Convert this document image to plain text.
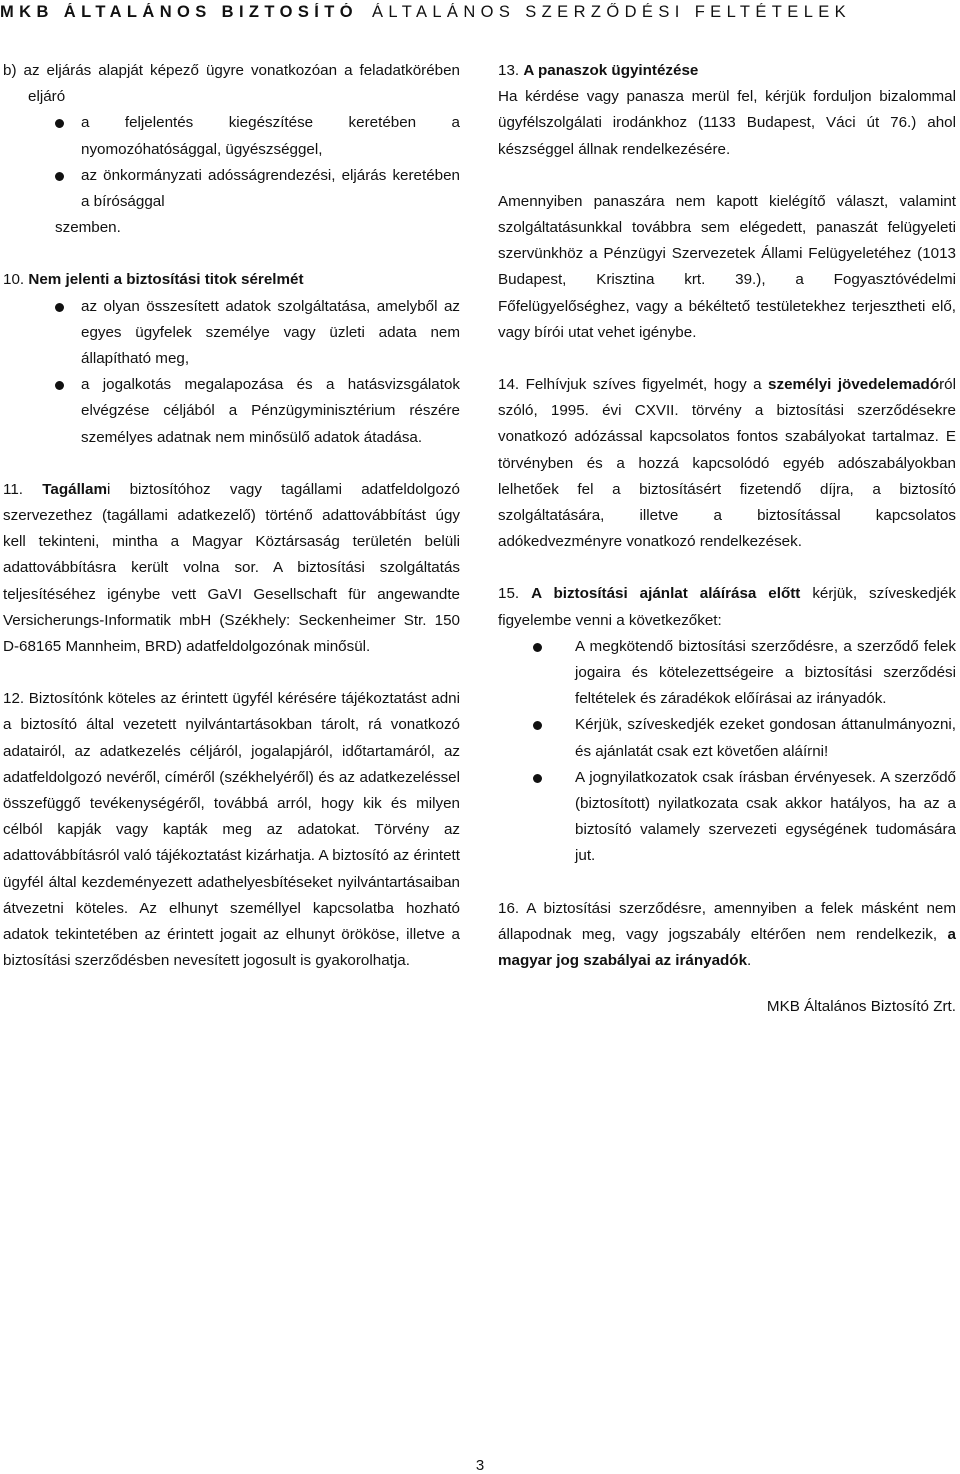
MKB ÁLTALÁNOS BIZTOSÍTÓ ÁLTALÁNOS SZERZŐDÉSI FELTÉTELEK

b) az eljárás alapját képező ügyre vonatkozóan a feladatkörében eljáró

a feljelentés kiegészítése keretében a nyomozóhatósággal, ügyészséggel,
az önkormányzati adósságrendezési, eljárás keretében a bírósággal

szemben.

10. Nem jelenti a biztosítási titok sérelmét

az olyan összesített adatok szolgáltatása, amelyből az egyes ügyfelek személye vagy üzleti adata nem állapítható meg,
a jogalkotás megalapozása és a hatásvizsgálatok elvégzése céljából a Pénzügyminisztérium részére személyes adatnak nem minősülő adatok átadása.

11. Tagállami biztosítóhoz vagy tagállami adatfeldolgozó szervezethez (tagállami adatkezelő) történő adattovábbítást úgy kell tekinteni, mintha a Magyar Köztársaság területén belüli adattovábbításra került volna sor. A biztosítási szolgáltatás teljesítéséhez igénybe vett GaVI Gesellschaft für angewandte Versicherungs-Informatik mbH (Székhely: Seckenheimer Str. 150 D-68165 Mannheim, BRD) adatfeldolgozónak minősül.

12. Biztosítónk köteles az érintett ügyfél kérésére tájékoztatást adni a biztosító által vezetett nyilvántartásokban tárolt, rá vonatkozó adatairól, az adatkezelés céljáról, jogalapjáról, időtartamáról, az adatfeldolgozó nevéről, címéről (székhelyéről) és az adatkezeléssel összefüggő tevékenységéről, továbbá arról, hogy kik és milyen célból kapják vagy kapták meg az adatokat. Törvény az adattovábbításról való tájékoztatást kizárhatja. A biztosító az érintett ügyfél által kezdeményezett adathelyesbítéseket nyilvántartásaiban átvezetni köteles. Az elhunyt személlyel kapcsolatba hozható adatok tekintetében az érintett jogait az elhunyt örököse, illetve a biztosítási szerződésben nevesített jogosult is gyakorolhatja.

13. A panaszok ügyintézése

Ha kérdése vagy panasza merül fel, kérjük forduljon bizalommal ügyfélszolgálati irodánkhoz (1133 Budapest, Váci út 76.) ahol készséggel állnak rendelkezésére.

Amennyiben panaszára nem kapott kielégítő választ, valamint szolgáltatásunkkal továbbra sem elégedett, panaszát felügyeleti szervünkhöz a Pénzügyi Szervezetek Állami Felügyeletéhez (1013 Budapest, Krisztina krt. 39.), a Fogyasztóvédelmi Főfelügyelőséghez, vagy a békéltető testületekhez terjesztheti elő, vagy bírói utat vehet igénybe.

14. Felhívjuk szíves figyelmét, hogy a személyi jövedelemadóról szóló, 1995. évi CXVII. törvény a biztosítási szerződésekre vonatkozó adózással kapcsolatos fontos szabályokat tartalmaz. E törvényben és a hozzá kapcsolódó egyéb adószabályokban lelhetőek fel a biztosításért fizetendő díjra, a biztosító szolgáltatására, illetve a biztosítással kapcsolatos adókedvezményre vonatkozó rendelkezések.

15. A biztosítási ajánlat aláírása előtt kérjük, szíveskedjék figyelembe venni a következőket:

A megkötendő biztosítási szerződésre, a szerződő felek jogaira és kötelezettségeire a biztosítási szerződési feltételek és záradékok előírásai az irányadók.
Kérjük, szíveskedjék ezeket gondosan áttanulmányozni, és ajánlatát csak ezt követően aláírni!
A jognyilatkozatok csak írásban érvényesek. A szerződő (biztosított) nyilatkozata csak akkor hatályos, ha az a biztosító valamely szervezeti egységének tudomására jut.

16. A biztosítási szerződésre, amennyiben a felek másként nem állapodnak meg, vagy jogszabály eltérően nem rendelkezik, a magyar jog szabályai az irányadók.

MKB Általános Biztosító Zrt.

3
